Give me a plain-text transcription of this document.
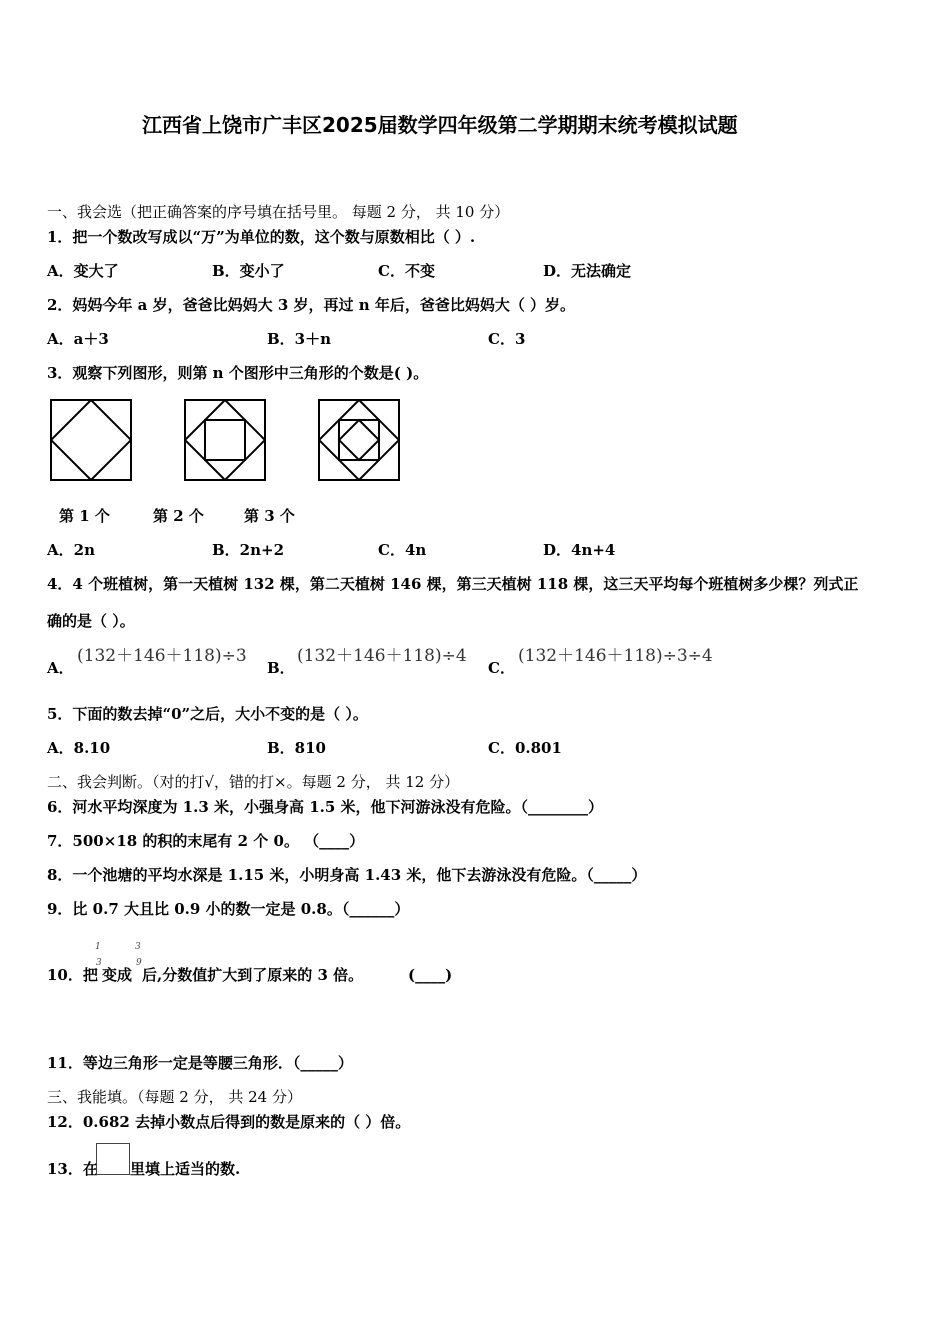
江西省上饶市广丰区2025届数学四年级第二学期期末统考模拟试题
一、我会选（把正确答案的序号填在括号里。 每题 2 分， 共 10 分）
1．把一个数改写成以“万”为单位的数，这个数与原数相比（ ）.
A．变大了	B．变小了	C．不变	D．无法确定
2．妈妈今年 a 岁，爸爸比妈妈大 3 岁，再过 n 年后，爸爸比妈妈大（ ）岁。
A．a＋3	B．3＋n	C．3
3．观察下列图形，则第 n 个图形中三角形的个数是( )。
第 1 个	第 2 个	第 3 个
A．2n	B．2n+2	C．4n	D．4n+4
4．4 个班植树，第一天植树 132 棵，第二天植树 146 棵，第三天植树 118 棵，这三天平均每个班植树多少棵？列式正
确的是（ ）。
A．
(132＋146＋118)÷3
B．
(132＋146＋118)÷4
C．
(132＋146＋118)÷3÷4
5．下面的数去掉“0”之后，大小不变的是（ ）。
A．8.10	B．810	C．0.801
二、我会判断。（对的打√，错的打×。每题 2 分， 共 12 分）
6．河水平均深度为 1.3 米，小强身高 1.5 米，他下河游泳没有危险。（________）
7．500×18 的积的末尾有 2 个 0。 （____）
8．一个池塘的平均水深是 1.15 米，小明身高 1.43 米，他下去游泳没有危险。（_____）
9．比 0.7 大且比 0.9 小的数一定是 0.8。（______）
10．把
1
3
变成
3
9
后,分数值扩大到了原来的 3 倍。	(____)
11．等边三角形一定是等腰三角形．（_____）
三、我能填。（每题 2 分， 共 24 分）
12．0.682 去掉小数点后得到的数是原来的（ ）倍。
13．在 里填上适当的数.
